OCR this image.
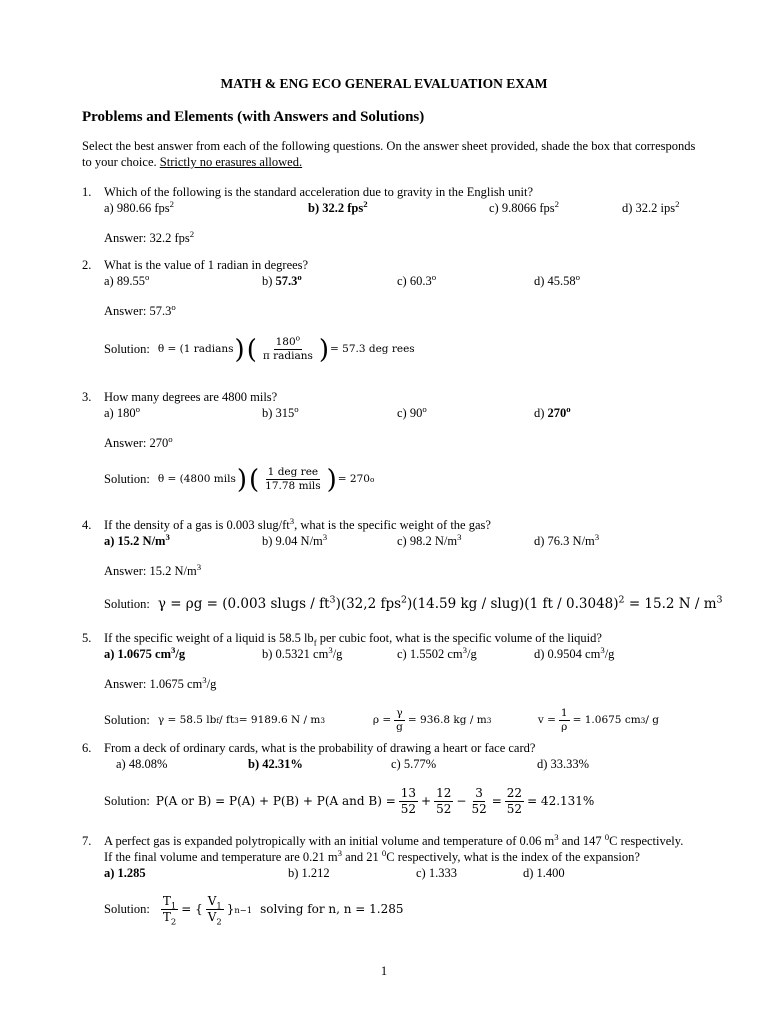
MATH & ENG ECO GENERAL EVALUATION EXAM
Problems and Elements (with Answers and Solutions)
Select the best answer from each of the following questions. On the answer sheet provided, shade the box that corresponds to your choice. Strictly no erasures allowed.
1. Which of the following is the standard acceleration due to gravity in the English unit?
a) 980.66 fps$^2$	b) 32.2 fps$^2$	c) 9.8066 fps$^2$	d) 32.2 ips$^2$
Answer: 32.2 fps$^2$
2. What is the value of 1 radian in degrees?
a) 89.55$^o$	b) 57.3$^o$	c) 60.3$^o$	d) 45.58$^o$
Answer: 57.3$^o$
Solution: θ = (1 radians ) ( $\frac{180^o}{\text{π radians}}$ ) = 57.3 deg rees
3. How many degrees are 4800 mils?
a) 180$^o$	b) 315$^o$	c) 90$^o$	d) 270$^o$
Answer: 270$^o$
Solution: θ = (4800 mils ) ( $\frac{\text{1 deg ree}}{\text{17.78 mils}}$ ) = 270 o
4. If the density of a gas is 0.003 slug/$ft^3$, what is the specific weight of the gas?
a) 15.2 $N/m^3$	b) 9.04 $N/m^3$	c) 98.2 $N/m^3$	d) 76.3 $N/m^3$
Answer: 15.2 $N/m^3$
Solution: γ = ρg = (0.003 slugs / $ft^3)(32,2$ fps$^2$)(14.59 kg / slug)(1 ft / 0.3048)$^2$ = 15.2 N / $m^3$
5. If the specific weight of a liquid is 58.5 $lb_f$ per cubic foot, what is the specific volume of the liquid?
a) 1.0675 $cm^3/g$	b) 0.5321 $cm^3/g$	c) 1.5502 $cm^3/g$	d) 0.9504 $cm^3/g$
Answer: 1.0675 $cm^3/g$
Solution: γ = 58.5 lb f / ft 3 = 9189.6 N / m 3	$\rho = \frac{\gamma}{g} = 936.8$ kg / m 3	$v = \frac{1}{\rho} = 1.0675$ cm 3 / g
6. From a deck of ordinary cards, what is the probability of drawing a heart or face card?
a) 48.08%	b) 42.31%	c) 5.77%	d) 33.33%
Solution: P(A or B) = P(A) + P(B) + P(A and $B) = \frac{13}{52} + \frac{12}{52} - \frac{3}{52} = \frac{22}{52} = 42.131\%$
7. A perfect gas is expanded polytropically with an initial volume and temperature of 0.06 $m^3$ and 147 $^0$C respectively.
If the final volume and temperature are 0.21 $m^3$ and 21 $^0$C respectively, what is the index of the expansion?
a) 1.285	b) 1.212	c) 1.333	d) 1.400
Solution: $\frac{T_1}{T_2}$ = { $\frac{V_1}{V_2}$ } n−1 solving for n, n = 1.285
1
